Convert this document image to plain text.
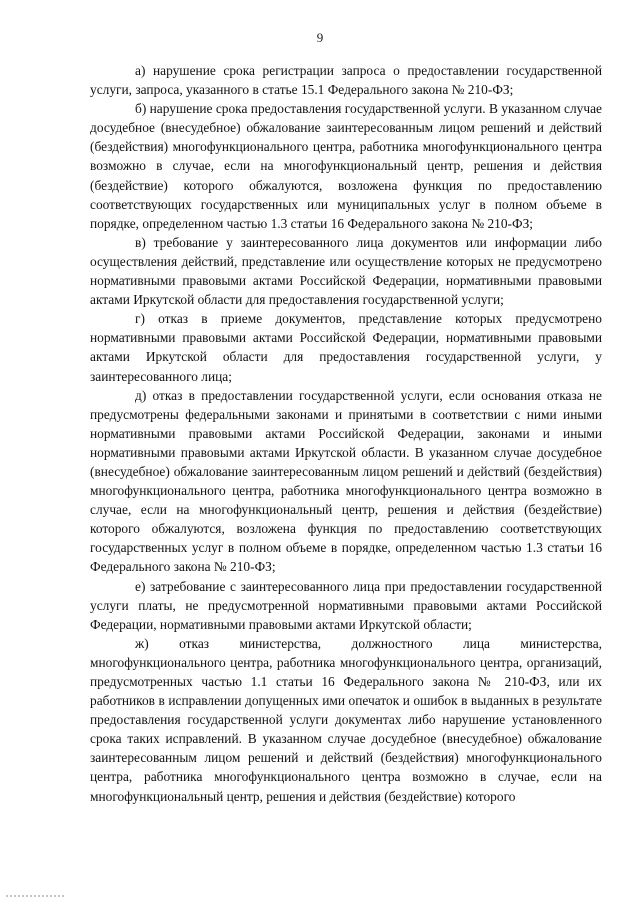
9

а) нарушение срока регистрации запроса о предоставлении государственной услуги, запроса, указанного в статье 15.1 Федерального закона № 210-ФЗ;

б) нарушение срока предоставления государственной услуги. В указанном случае досудебное (внесудебное) обжалование заинтересованным лицом решений и действий (бездействия) многофункционального центра, работника многофункционального центра возможно в случае, если на многофункциональный центр, решения и действия (бездействие) которого обжалуются, возложена функция по предоставлению соответствующих государственных или муниципальных услуг в полном объеме в порядке, определенном частью 1.3 статьи 16 Федерального закона № 210-ФЗ;

в) требование у заинтересованного лица документов или информации либо осуществления действий, представление или осуществление которых не предусмотрено нормативными правовыми актами Российской Федерации, нормативными правовыми актами Иркутской области для предоставления государственной услуги;

г) отказ в приеме документов, представление которых предусмотрено нормативными правовыми актами Российской Федерации, нормативными правовыми актами Иркутской области для предоставления государственной услуги, у заинтересованного лица;

д) отказ в предоставлении государственной услуги, если основания отказа не предусмотрены федеральными законами и принятыми в соответствии с ними иными нормативными правовыми актами Российской Федерации, законами и иными нормативными правовыми актами Иркутской области. В указанном случае досудебное (внесудебное) обжалование заинтересованным лицом решений и действий (бездействия) многофункционального центра, работника многофункционального центра возможно в случае, если на многофункциональный центр, решения и действия (бездействие) которого обжалуются, возложена функция по предоставлению соответствующих государственных услуг в полном объеме в порядке, определенном частью 1.3 статьи 16 Федерального закона № 210-ФЗ;

е) затребование с заинтересованного лица при предоставлении государственной услуги платы, не предусмотренной нормативными правовыми актами Российской Федерации, нормативными правовыми актами Иркутской области;

ж) отказ министерства, должностного лица министерства, многофункционального центра, работника многофункционального центра, организаций, предусмотренных частью 1.1 статьи 16 Федерального закона № 210-ФЗ, или их работников в исправлении допущенных ими опечаток и ошибок в выданных в результате предоставления государственной услуги документах либо нарушение установленного срока таких исправлений. В указанном случае досудебное (внесудебное) обжалование заинтересованным лицом решений и действий (бездействия) многофункционального центра, работника многофункционального центра возможно в случае, если на многофункциональный центр, решения и действия (бездействие) которого
